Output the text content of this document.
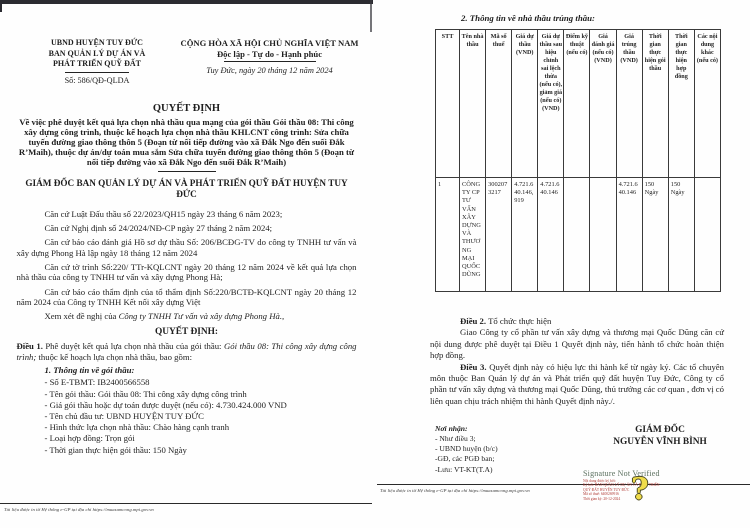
UBND HUYỆN TUY ĐỨC
BAN QUẢN LÝ DỰ ÁN VÀ
PHÁT TRIỂN QUỸ ĐẤT
Số: 586/QĐ-QLDA
CỘNG HÒA XÃ HỘI CHỦ NGHĨA VIỆT NAM
Độc lập - Tự do - Hạnh phúc
Tuy Đức, ngày 20 tháng 12 năm 2024
QUYẾT ĐỊNH
Về việc phê duyệt kết quả lựa chọn nhà thầu qua mạng của gói thầu Gói thầu 08: Thi công xây dựng công trình, thuộc kế hoạch lựa chọn nhà thầu KHLCNT công trình: Sửa chữa tuyến đường giao thông thôn 5 (Đoạn từ nối tiếp đường vào xã Đắk Ngo đến suối Đắk R’Maih), thuộc dự án/dự toán mua sắm Sửa chữa tuyến đường giao thông thôn 5 (Đoạn từ nối tiếp đường vào xã Đắk Ngo đến suối Đắk R’Maih)
GIÁM ĐỐC BAN QUẢN LÝ DỰ ÁN VÀ PHÁT TRIỂN QUỸ ĐẤT HUYỆN TUY ĐỨC

Căn cứ Luật Đấu thầu số 22/2023/QH15 ngày 23 tháng 6 năm 2023;

Căn cứ Nghị định số 24/2024/NĐ-CP ngày 27 tháng 2 năm 2024;

Căn cứ báo cáo đánh giá Hồ sơ dự thầu Số: 206/BCĐG-TV do công ty TNHH tư vấn và xây dựng Phong Hà lập ngày 18 tháng 12 năm 2024

Căn cứ tờ trình Số:220/ TTr-KQLCNT ngày 20 tháng 12 năm 2024 về kết quả lựa chọn nhà thầu của công ty TNHH tư vấn và xây dựng Phong Hà;

Căn cứ báo cáo thẩm định của tổ thẩm định Số:220/BCTĐ-KQLCNT ngày 20 tháng 12 năm 2024 của Công ty TNHH Kết nối xây dựng Việt

Xem xét đề nghị của Công ty TNHH Tư vấn và xây dựng Phong Hà.,

QUYẾT ĐỊNH:

Điều 1. Phê duyệt kết quả lựa chọn nhà thầu của gói thầu: Gói thầu 08: Thi công xây dựng công trình; thuộc kế hoạch lựa chọn nhà thầu, bao gồm:

1. Thông tin về gói thầu:
- Số E-TBMT: IB2400566558
- Tên gói thầu: Gói thầu 08: Thi công xây dựng công trình
- Giá gói thầu hoặc dự toán được duyệt (nếu có): 4.730.424.000 VND
- Tên chủ đầu tư: UBND HUYỆN TUY ĐỨC
- Hình thức lựa chọn nhà thầu: Chào hàng cạnh tranh
- Loại hợp đồng: Trọn gói
- Thời gian thực hiện gói thầu: 150 Ngày
Tài liệu được in từ Hệ thống e-GP tại địa chỉ https://muasamcong.mpi.gov.vn
2. Thông tin về nhà thầu trúng thầu:
STT	Tên nhà thầu	Mã số thuế	Giá dự thầu (VND)	Giá dự thầu sau hiệu chỉnh sai lệch thừa (nếu có), giảm giá (nếu có) (VND)	Điểm kỹ thuật (nếu có)	Giá đánh giá (nếu có) (VND)	Giá trúng thầu (VND)	Thời gian thực hiện gói thầu	Thời gian thực hiện hợp đồng	Các nội dung khác (nếu có)
1	CÔNG TY CP TƯ VẤN XÂY DỰNG VÀ THƯƠNG MẠI QUỐC DŨNG	3002073217	4.721.640.146,919	4.721.640.146			4.721.640.146	150 Ngày	150 Ngày	

Điều 2. Tổ chức thực hiện

Giao Công ty cổ phần tư vấn xây dựng và thương mại Quốc Dũng căn cứ nội dung được phê duyệt tại Điều 1 Quyết định này, tiến hành tổ chức hoàn thiện hợp đồng.

Điều 3. Quyết định này có hiệu lực thi hành kể từ ngày ký. Các tổ chuyên môn thuộc Ban Quản lý dự án và Phát triển quỹ đất huyện Tuy Đức, Công ty cổ phần tư vấn xây dựng và thương mại Quốc Dũng, thủ trưởng các cơ quan , đơn vị có liên quan chịu trách nhiệm thi hành Quyết định này./.

Nơi nhận:
- Như điều 3;
- UBND huyện (b/c)
-GĐ, các PGĐ ban;
-Lưu: VT-KT(T.A)
GIÁM ĐỐC
NGUYỄN VĨNH BÌNH
Tài liệu được in từ Hệ thống e-GP tại địa chỉ https://muasamcong.mpi.gov.vn
Signature Not Verified
Nội dung được ký bởi:
Ký bởi: BAN QUẢN LÝ DỰ ÁN VÀ PHÁT TRIỂN
QUỸ ĐẤT HUYỆN TUY ĐỨC
Mã số thuế: 6400269916
Thời gian ký: 20-12-2024 ?
